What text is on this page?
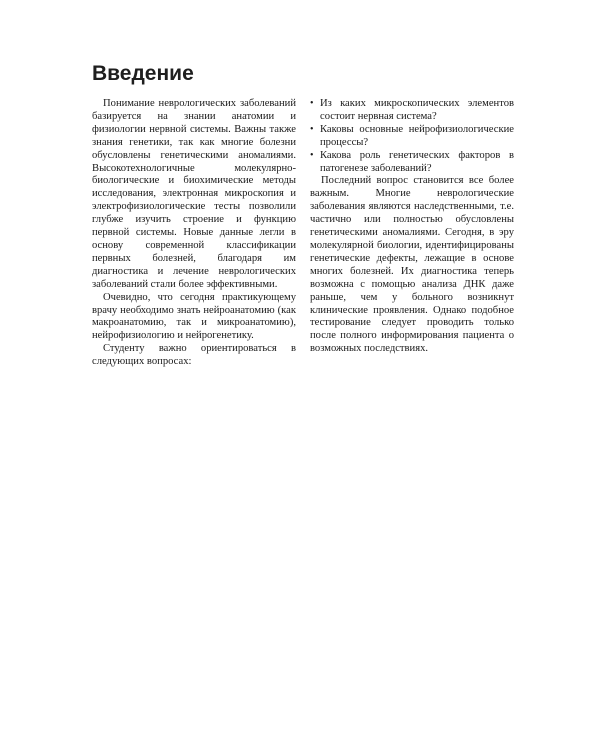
Введение

Понимание неврологических заболеваний базируется на знании анатомии и физиологии нервной системы. Важны также знания генетики, так как многие болезни обусловлены генетическими аномалиями. Высокотехнологичные молекулярно-биологические и биохимические методы исследования, электронная микроскопия и электрофизиологические тесты позволили глубже изучить строение и функцию первной системы. Новые данные легли в основу современной классификации первных болезней, благодаря им диагностика и лечение неврологических заболеваний стали более эффективными.

Очевидно, что сегодня практикующему врачу необходимо знать нейроанатомию (как макроанатомию, так и микроанатомию), нейрофизиологию и нейрогенетику.

Студенту важно ориентироваться в следующих вопросах:

• Из каких микроскопических элементов состоит нервная система?
• Каковы основные нейрофизиологические процессы?
• Какова роль генетических факторов в патогенезе заболеваний?

Последний вопрос становится все более важным. Многие неврологические заболевания являются наследственными, т.е. частично или полностью обусловлены генетическими аномалиями. Сегодня, в эру молекулярной биологии, идентифицированы генетические дефекты, лежащие в основе многих болезней. Их диагностика теперь возможна с помощью анализа ДНК даже раньше, чем у больного возникнут клинические проявления. Однако подобное тестирование следует проводить только после полного информирования пациента о возможных последствиях.
